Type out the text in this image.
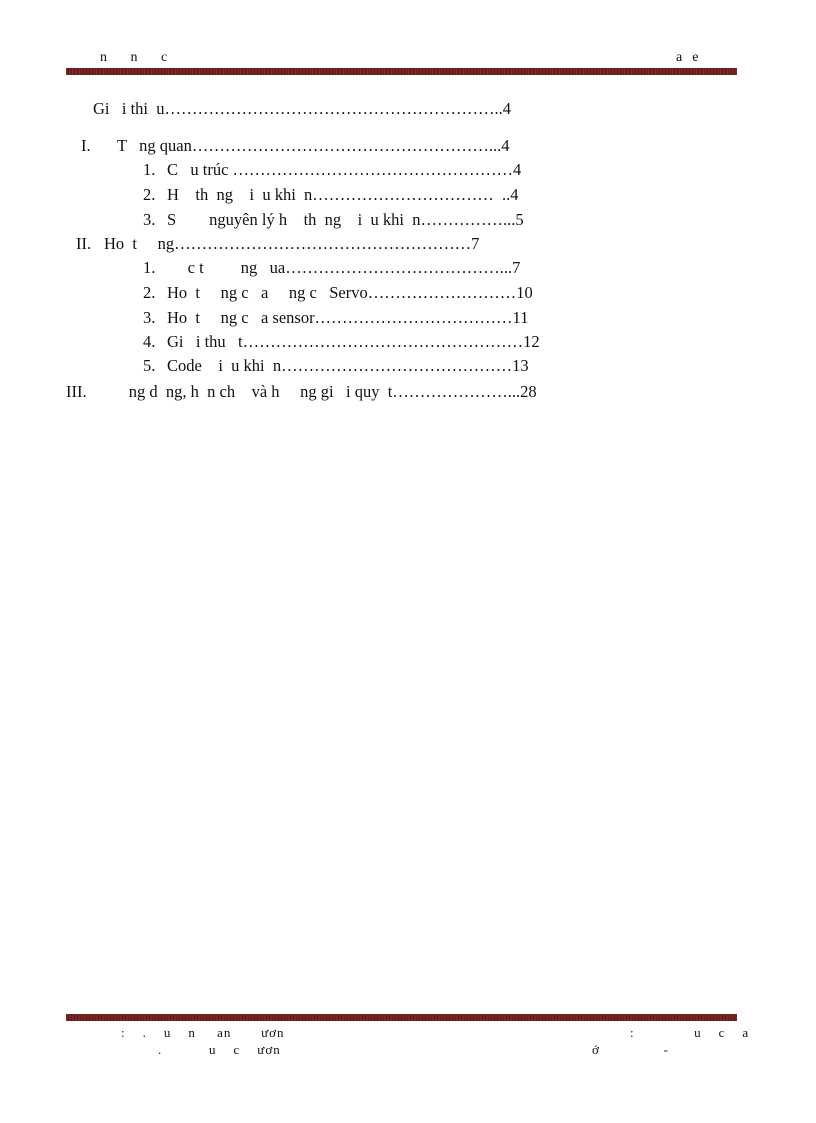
n     n     c	a  e
Gi   i thi  u……………………………………………………..4
I. T   ng quan………………………………………………...4
1. C   u trúc ……………………………………………4
2. H    th  ng    i  u khi  n……………………………  ..4
3. S        nguyên lý h    th  ng    i  u khi  n……………...5
II. Ho  t     ng………………………………………………7
1. c t         ng   ua…………………………………...7
2. Ho  t     ng c   a     ng c   Servo………………………10
3. Ho  t     ng c   a sensor………………………………11
4. Gi   i thu   t……………………………………………12
5. Code    i  u khi  n……………………………………13
III. ng d  ng, h  n ch    và h     ng gi   i quy  t…………………...28
:    .    u    n     an       ươn	:              u    c    a
.           u    c    ươn	ớ               -
